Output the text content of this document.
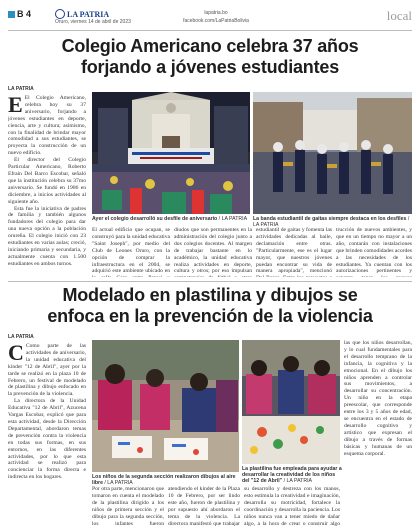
B 4	LA PATRIA
Oruro, viernes 14 de abril de 2023
lapatria.bo
facebook.com/LaPatriaBolivia	local
Colegio Americano celebra 37 años
forjando a jóvenes estudiantes
LA PATRIA
E El Colegio Americano, celebra hoy su 37 aniversario, forjando a jóvenes estudiantes en deporte, ciencia, arte y cultura; asimismo, con la finalidad de brindar mayor comodidad a sus estudiantes, se proyecta la construcción de un nuevo edificio.
El director del Colegio Particular Americano, Roberto Efraín Del Barco Escobar, señaló que la institución celebra su 37mo aniversario. Se fundó en 1986 en diciembre, a inicios actividades al siguiente año.
Esta fue la iniciativa de padres de familia y también algunos fundadores del colegio para dar una nueva opción a la población orureña. El colegio inició con 23 estudiantes en varias aulas; creció, iniciando primaria y secundaria, y actualmente cuenta con 1.500 estudiantes en ambos turnos.
Ayer el colegio desarrolló su desfile de aniversario / LA PATRIA	La banda estudiantil de gaitas siempre destaca en los desfiles / LA PATRIA
El actual edificio que ocupan, se construyó para la unidad educativa "Saint Joseph", por medio del Club de Leones Oruro, con la opción de comprar la infraestructura en el 2004, se adquirió este ambiente ubicado en
diudos que son permanentes en la administración del colegio junto a dos colegios docentes. Al margen de trabajar bastante en lo académico, la unidad educativa realiza actividades en deporte, cultura y otros; por eso impulsan
estudiantil de gaitas y fomenta las actividades dedicadas al baile, declamación entre otras. "Particularmente, ese es el lugar mayor, que nuestros jóvenes puedan encontrar su vida de manera apropiada", mencionó
trucción de nuevos ambientes, y que en un tiempo no mayor a un año, contarán con instalaciones que brinden comodidades acordes a las necesidades de los estudiantes. Ya cuentan con los autorizaciones pertinentes y
Modelado en plastilina y dibujos se
enfoca en la prevención de la violencia
LA PATRIA
C Como parte de las actividades de aniversario, la unidad educativa del kínder "12 de Abril", ayer por la tarde se realizó en la plaza 10 de Febrero, un festival de modelado de plastilina y dibujo enfocado en la prevención de la violencia.
La directora de la Unidad Educativa "12 de Abril", Azucena Vargas Escobar, explicó que para esta actividad, desde la Dirección Departamental, abordaron temas de prevención contra la violencia en todas sus formas, en sus entornos, en las diferentes actividades, por lo que esta actividad se realizó para concienciar la forma directa e indirecta en los hogares.	Los niños de la segunda sección realizaron dibujos al aire libre / LA PATRIA
La plastilina fue empleada para ayudar a desarrollar la creatividad de los niños del "12 de Abril" / LA PATRIA
Por otra parte, mencionaron que tomaron en cuenta el modelado de la plastilina dirigido a los niños de primera sección y el dibujo para la segunda sección, los infantes fueron
atendiendo el kínder de la Plaza 10 de Febrero, por ser lindo este año, fueron de plastilina y por supuesto ahí abordaron el tema de la violencia. La directora manifestó que trabajar
su desarrollo y destreza con los manos, esto estimula la creatividad e imaginación, desarrolla su motricidad, fortalece la coordinación y desarrolla la paciencia. Los niños nunca van a tener miedo de dañar algo, a la hora de crear o construir algo
las que los niños desarrollan, y lo cual fundamentales para el desarrollo temprano de la infancia, la cognitiva y la emocional. En el dibujo los niños aprenden a controlar sus movimientos, a desarrollar su concentración. Un niño en la etapa preescolar, que corresponde entre los 3 y 5 años de edad, se encuentra en el estado de desarrollo cognitivo y artístico que expresan el dibujo a través de formas básicas y humanas de un esquema corporal.
